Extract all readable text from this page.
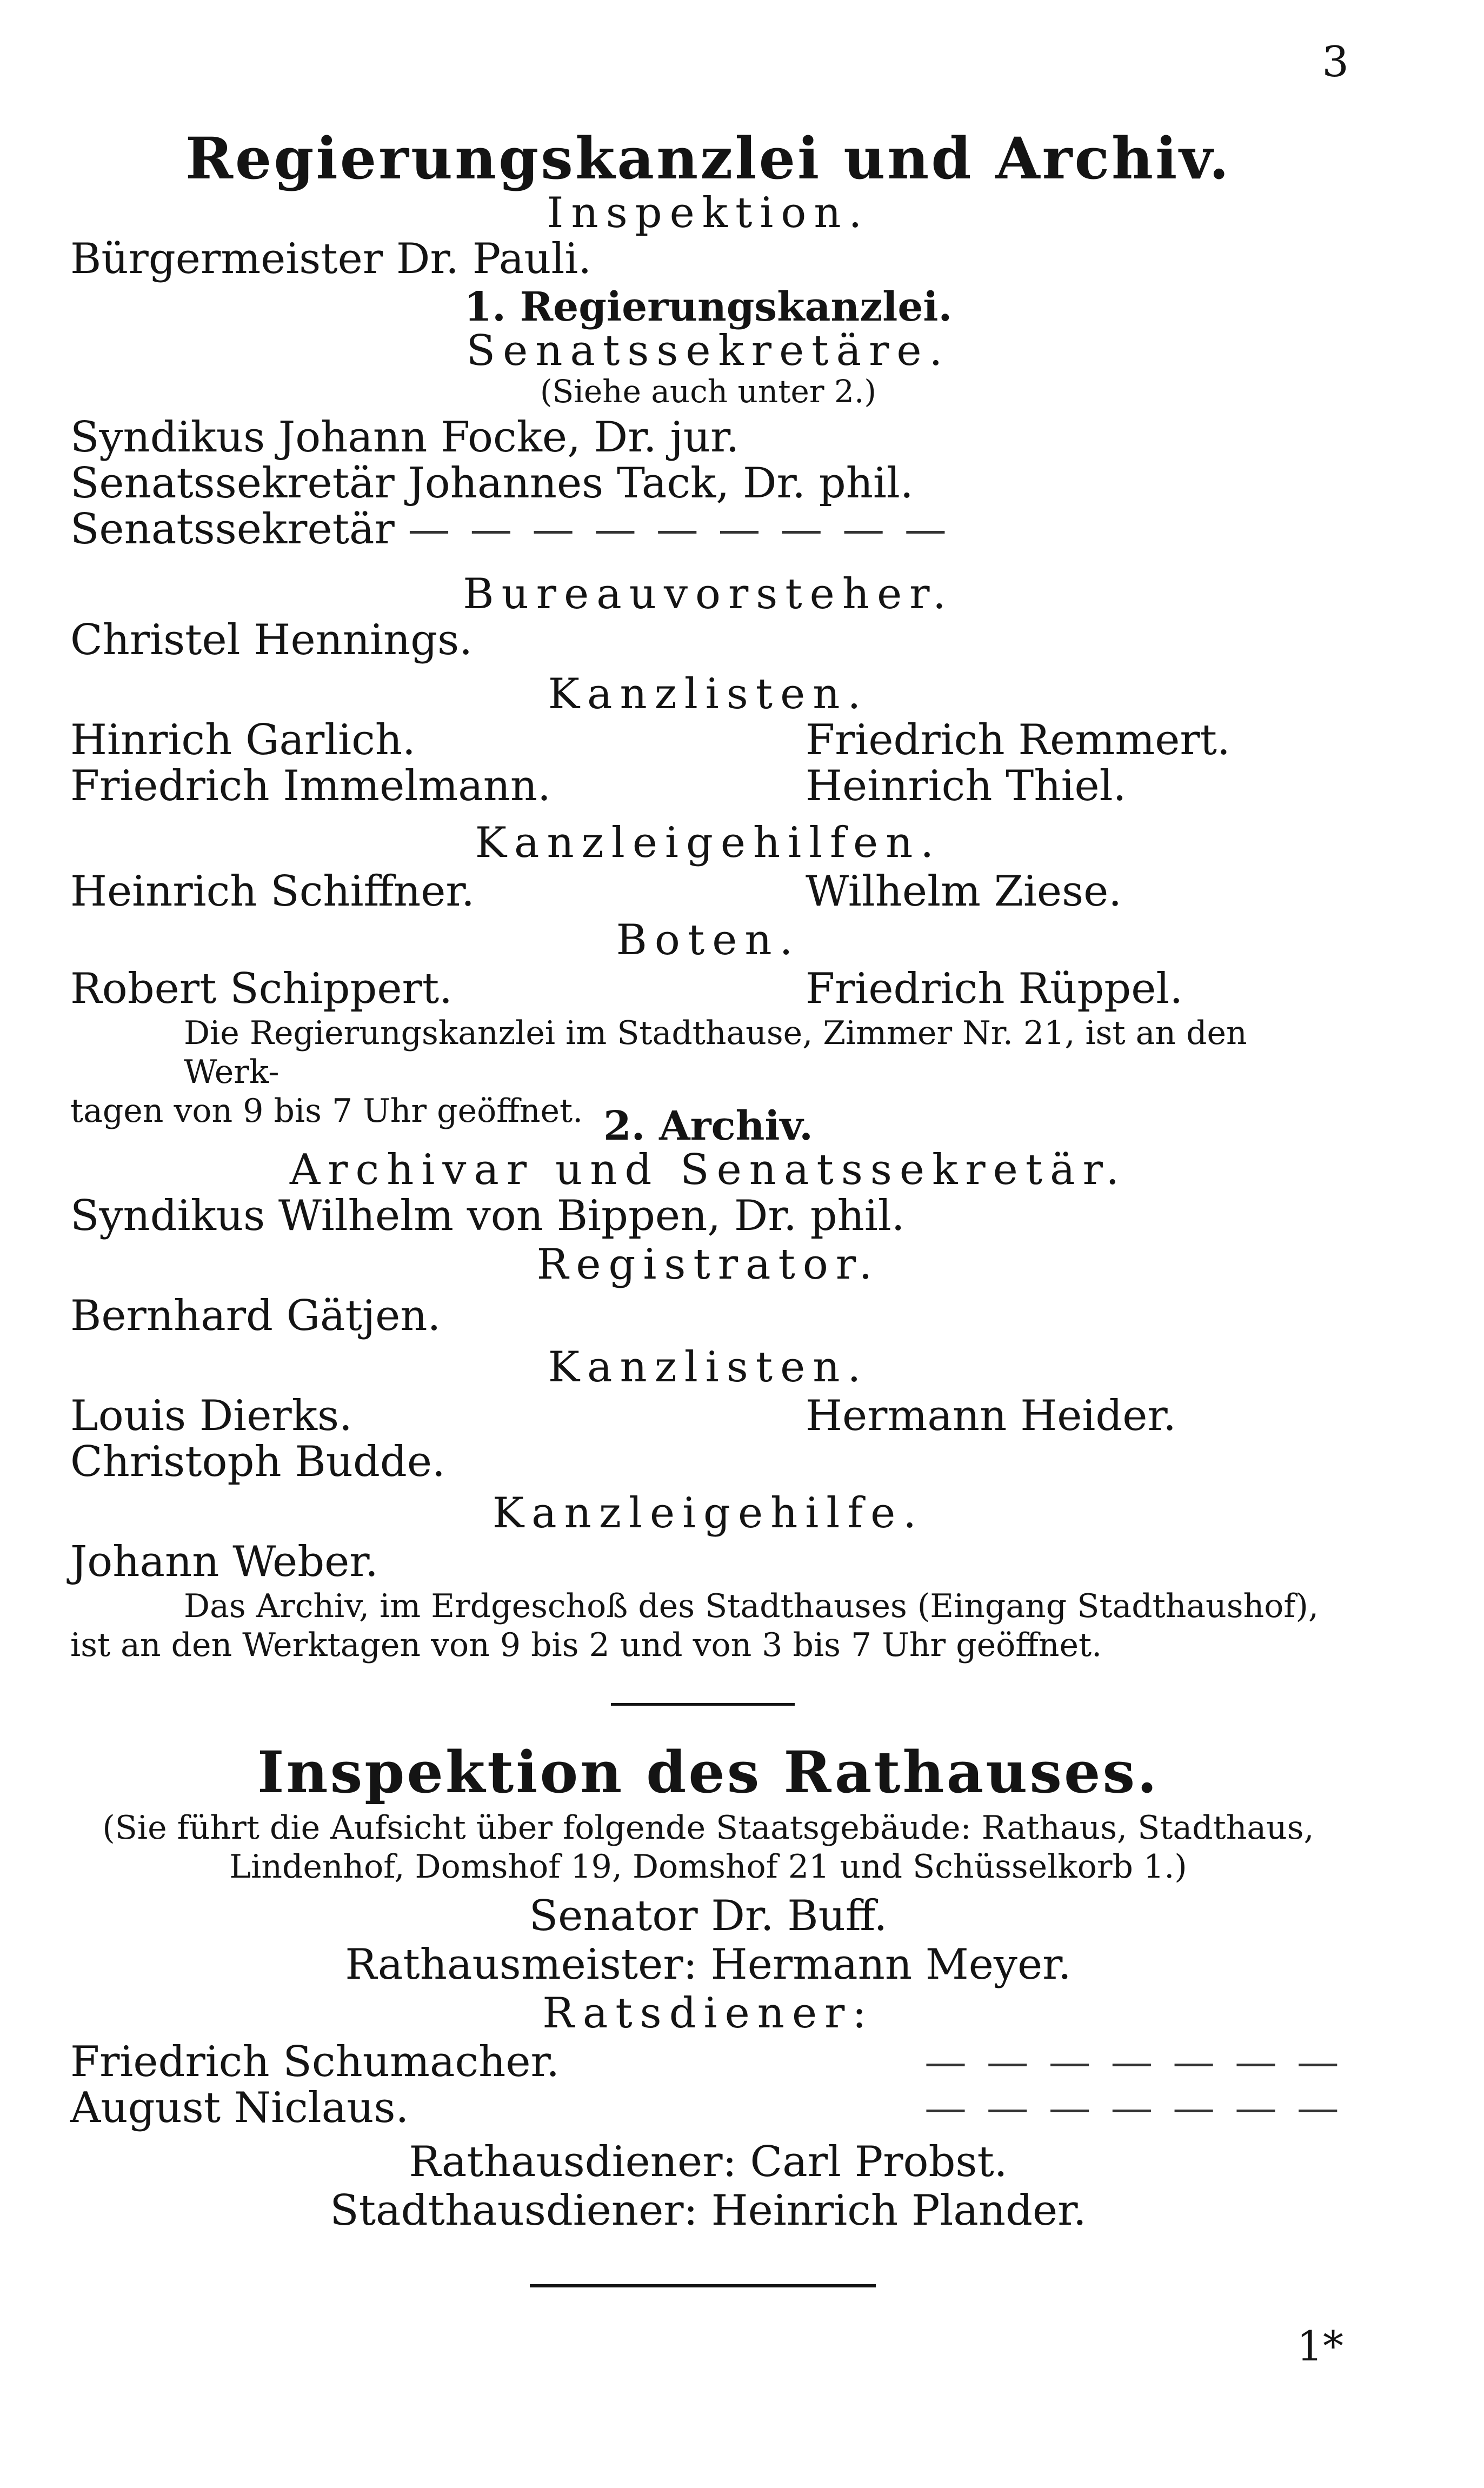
3
Regierungskanzlei und Archiv.
Inspektion.
Bürgermeister Dr. Pauli.
1. Regierungskanzlei.
Senatssekretäre.
(Siehe auch unter 2.)
Syndikus Johann Focke, Dr. jur.
Senatssekretär Johannes Tack, Dr. phil.
Senatssekretär — — — — — — — — —
Bureauvorsteher.
Christel Hennings.
Kanzlisten.
Hinrich Garlich.	Friedrich Remmert.
Friedrich Immelmann.	Heinrich Thiel.
Kanzleigehilfen.
Heinrich Schiffner.	Wilhelm Ziese.
Boten.
Robert Schippert.	Friedrich Rüppel.
Die Regierungskanzlei im Stadthause, Zimmer Nr. 21, ist an den Werk-
tagen von 9 bis 7 Uhr geöffnet. 2. Archiv.
Archivar und Senatssekretär.
Syndikus Wilhelm von Bippen, Dr. phil.
Registrator.
Bernhard Gätjen.
Kanzlisten.
Louis Dierks.	Hermann Heider.
Christoph Budde.
Kanzleigehilfe.
Johann Weber.
Das Archiv, im Erdgeschoß des Stadthauses (Eingang Stadthaushof),
ist an den Werktagen von 9 bis 2 und von 3 bis 7 Uhr geöffnet.
Inspektion des Rathauses.
(Sie führt die Aufsicht über folgende Staatsgebäude: Rathaus, Stadthaus,
Lindenhof, Domshof 19, Domshof 21 und Schüsselkorb 1.)
Senator Dr. Buff.
Rathausmeister: Hermann Meyer.
Ratsdiener:
Friedrich Schumacher.	— — — — — — —
August Niclaus.	— — — — — — —
Rathausdiener: Carl Probst.
Stadthausdiener: Heinrich Plander.
1*
